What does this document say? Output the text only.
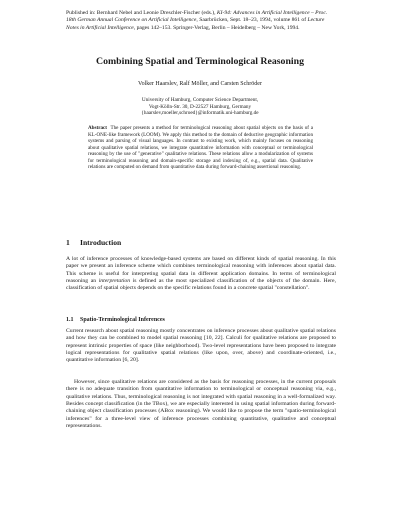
Published in: Bernhard Nebel and Leonie Dreschler-Fischer (eds.), KI-94: Advances in Artificial Intelligence – Proc. 18th German Annual Conference on Artificial Intelligence, Saarbrücken, Sept. 18–23, 1994, volume 861 of Lecture Notes in Artificial Intelligence, pages 142–153. Springer-Verlag, Berlin – Heidelberg – New York, 1994.
Combining Spatial and Terminological Reasoning
Volker Haarslev, Ralf Möller, and Carsten Schröder
University of Hamburg, Computer Science Department,
Vogt-Kölln-Str. 30, D-22527 Hamburg, Germany
{haarslev,moeller,schroed}@informatik.uni-hamburg.de
Abstract The paper presents a method for terminological reasoning about spatial objects on the basis of a KL-ONE-like framework (LOOM). We apply this method to the domain of deductive geographic information systems and parsing of visual languages. In contrast to existing work, which mainly focuses on reasoning about qualitative spatial relations, we integrate quantitative information with conceptual or terminological reasoning by the use of "generative" qualitative relations. These relations allow a modularization of systems for terminological reasoning and domain-specific storage and indexing of, e.g., spatial data. Qualitative relations are computed on demand from quantitative data during forward-chaining assertional reasoning.
1 Introduction
A lot of inference processes of knowledge-based systems are based on different kinds of spatial reasoning. In this paper we present an inference scheme which combines terminological reasoning with inferences about spatial data. This scheme is useful for interpreting spatial data in different application domains. In terms of terminological reasoning an interpretation is defined as the most specialized classification of the objects of the domain. Here, classification of spatial objects depends on the specific relations found in a concrete spatial "constellation".
1.1 Spatio-Terminological Inferences
Current research about spatial reasoning mostly concentrates on inference processes about qualitative spatial relations and how they can be combined to model spatial reasoning [10, 22]. Calculi for qualitative relations are proposed to represent intrinsic properties of space (like neighborhood). Two-level representations have been proposed to integrate logical representations for qualitative spatial relations (like upon, over, above) and coordinate-oriented, i.e., quantitative information [6, 20].
However, since qualitative relations are considered as the basis for reasoning processes, in the current proposals there is no adequate transition from quantitative information to terminological or conceptual reasoning via, e.g., qualitative relations. Thus, terminological reasoning is not integrated with spatial reasoning in a well-formalized way. Besides concept classification (in the TBox), we are especially interested in using spatial information during forward-chaining object classification processes (ABox reasoning). We would like to propose the term "spatio-terminological inferences" for a three-level view of inference processes combining quantitative, qualitative and conceptual representations.
